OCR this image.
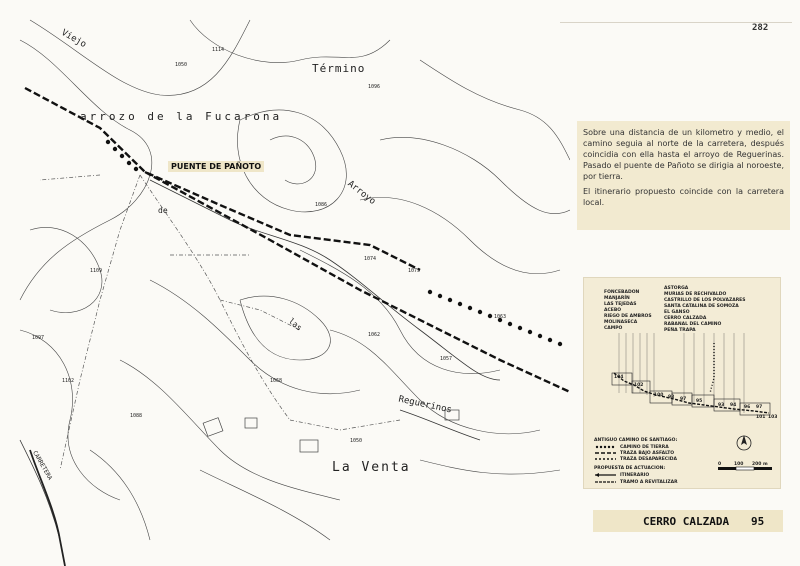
282
Viejo
Término
arrozo de la Fucarona
Arroyo
de
las
Reguerinos
La Venta
CARRETERA
1114
1050
1096
1086
1074
1075
1063
1109
1097	1062
1057
1068
1102
1088
1050
PUENTE DE PAÑOTO

Sobre una distancia de un kilometro y medio, el camino seguia al norte de la carretera, después coincidia con ella hasta el arroyo de Reguerinas. Pasado el puente de Pañoto se dirigia al noroeste, por tierra.

El itinerario propuesto coincide con la carretera local.

FONCEBADON
MANJARÍN
LAS TEJEDAS
ACEBO
RIEGO DE AMBROS
MOLINASECA
CAMPO
ASTORGA
MURIAS DE RECHIVALDO
CASTRILLO DE LOS POLVAZARES
SANTA CATALINA DE SOMOZA
EL GANSO
CERRO CALZADA
RABANAL DEL CAMINO
PEÑA TRAPA
104
102
100 98 97 95
93 94 96 97
101 103
ANTIGUO CAMINO DE SANTIAGO:
CAMINO DE TIERRA
TRAZA BAJO ASFALTO
TRAZA DESAPARECIDA
PROPUESTA DE ACTUACION:
ITINERARIO
TRAMO A REVITALIZAR
0	100 200 m
CERRO CALZADA 95
